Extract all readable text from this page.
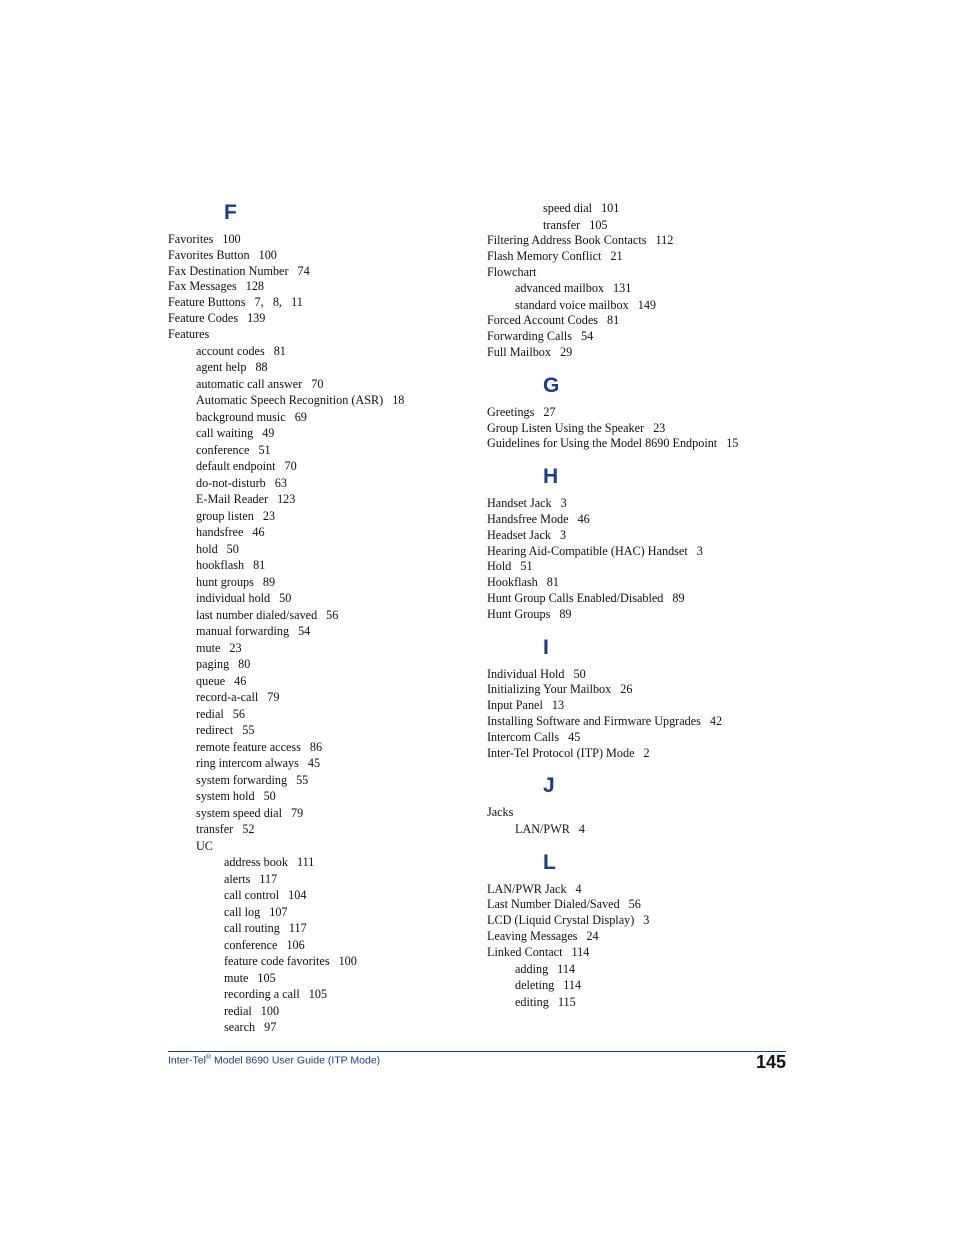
F
Favorites 100
Favorites Button 100
Fax Destination Number 74
Fax Messages 128
Feature Buttons 7,   8,   11
Feature Codes 139
Features
account codes 81
agent help 88
automatic call answer 70
Automatic Speech Recognition (ASR) 18
background music 69
call waiting 49
conference 51
default endpoint 70
do-not-disturb 63
E-Mail Reader 123
group listen 23
handsfree 46
hold 50
hookflash 81
hunt groups 89
individual hold 50
last number dialed/saved 56
manual forwarding 54
mute 23
paging 80
queue 46
record-a-call 79
redial 56
redirect 55
remote feature access 86
ring intercom always 45
system forwarding 55
system hold 50
system speed dial 79
transfer 52
UC
address book 111
alerts 117
call control 104
call log 107
call routing 117
conference 106
feature code favorites 100
mute 105
recording a call 105
redial 100
search 97
speed dial 101
transfer 105
Filtering Address Book Contacts 112
Flash Memory Conflict 21
Flowchart
advanced mailbox 131
standard voice mailbox 149
Forced Account Codes 81
Forwarding Calls 54
Full Mailbox 29
G
Greetings 27
Group Listen Using the Speaker 23
Guidelines for Using the Model 8690 Endpoint 15
H
Handset Jack 3
Handsfree Mode 46
Headset Jack 3
Hearing Aid-Compatible (HAC) Handset 3
Hold 51
Hookflash 81
Hunt Group Calls Enabled/Disabled 89
Hunt Groups 89
I
Individual Hold 50
Initializing Your Mailbox 26
Input Panel 13
Installing Software and Firmware Upgrades 42
Intercom Calls 45
Inter-Tel Protocol (ITP) Mode 2
J
Jacks
LAN/PWR 4
L
LAN/PWR Jack 4
Last Number Dialed/Saved 56
LCD (Liquid Crystal Display) 3
Leaving Messages 24
Linked Contact 114
adding 114
deleting 114
editing 115
Inter-Tel® Model 8690 User Guide (ITP Mode)	145
